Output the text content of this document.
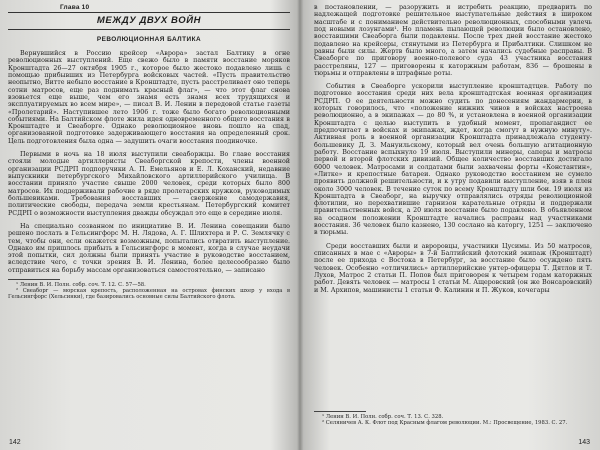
Глава 10
МЕЖДУ ДВУХ ВОЙН
РЕВОЛЮЦИОННАЯ БАЛТИКА

Вернувшийся в Россию крейсер «Аврора» застал Балтику в огне революционных выступлений. Еще свежо было в памяти восстание моряков Кронштадта 26—27 октября 1905 г., которое было жестоко подавлено лишь с помощью прибывших из Петербурга войсковых частей. «Пусть правительство неопытно, Витте небыло восстание в Кронштадте, пусть расстреливает оно теперь сотни матросов, еще раз поднимать красный флаг», — что этот флаг снова взовьется еще выше, чем его знамя есть знамя всех трудящихся и эксплуатируемых во всем мире», — писал В. И. Ленин в передовой статье газеты «Пролетарий». Наступившее лето 1906 г. тоже было богато революционными событиями. На Балтийском флоте жила идея одновременного общего восстания в Кронштадте и Свеаборге. Однако революционное вновь пошло на спад, организованной подготовке задерживающего восстания на определенный срок. Цель подготовления была одна — задушить очаги восстания поодиночке.

Первыми в ночь на 18 июля выступили свеаборжцы. Во главе восстания стояли молодые артиллеристы Свеаборгской крепости, члены военной организации РСДРП подпоручики А. П. Емельянов и Е. Л. Коханский, недавние выпускники петербургского Михайловского артиллерийского училища. В восстании приняло участие свыше 2000 человек, среди которых было 800 матросов. Их поддерживали рабочие в ряде пролетарских кружков, руководимых большевиками. Требования восставших — свержение самодержавия, политические свободы, передача земли крестьянам. Петербургский комитет РСДРП о возможности выступления дважды обсуждал это еще в середине июля.

На специально созванном по инициативе В. И. Ленина совещании было решено послать в Гельсингфорс М. Н. Лядова, А. Г. Шлихтера и Р. С. Землячку с тем, чтобы они, если окажется возможным, попытались отвратить выступление. Однако им пришлось прибыть в Гельсингфорс в момент, когда в случае неудачи этой попытки, сил должны были принять участие в руководстве восстанием, вследствие чего, с точки зрения В. И. Ленина, более целесообразно было отправиться на борьбу массам организоваться самостоятельно, — записано

¹ Ленин В. И. Полн. собр. соч. Т. 12. С. 57—58.

² Свеаборг — морская крепость, расположенная на островах финских шхер у входа в Гельсингфорс (Хельсинки), где базировались основные силы Балтийского флота.

142

в постановлении, — разоружить и истребить реакцию, предварить по надлежащей подготовке решительное выступательные действия в широком масштабе и с пониманием действительно революционных, способными увлечь под новыми лозунгами¹. Но пламень пылающей революции было остановлено, восставшими Свеаборга были подавлены. После трех дней восстание жестоко подавлено на крейсеры, стянутыми из Петербурга и Прибалтики. Слишком не равны были силы. Жертв было много, а затем начались судебные расправы. В Свеаборге по приговору военно-полевого суда 43 участника восстания расстреляны, 127 — приговорены к каторжным работам, 836 — брошены в тюрьмы и отправлены в штрафные роты.

События в Свеаборге ускорили выступление кронштадтцев. Работу по подготовке восстания среди них вела кронштадтская военная организация РСДРП. О ее деятельности можно судить по донесениям жандармерии, в которых говорилось, что «положение нижних чинов в войсках настроена революционно, а в экипажах — до 80 %, и установлена в военной организации Кронштадта с целью выступить в удобный момент, пропагандист ее предпочитает в войсках и экипажах, ждет, когда смогут в нужную минуту». Активная роль в военной организации Кронштадта принадлежала студенту-большевику Д. З. Мануильскому, который вел очень большую агитационную работу. Восстание вспыхнуло 19 июля. Выступили минеры, саперы и матросы первой и второй флотских дивизий. Общее количество восставших достигало 6000 человек. Матросами и солдатами были захвачены форты «Константин», «Литке» и крепостные батареи. Однако руководство восстанием не сумело проявить должной решительности, и к утру подавили выступление, взяв в плен около 3000 человек. В течение суток по всему Кронштадту шли бои. 19 июля из Кронштадта в Свеаборг, на выручку отправлялись отряды революционной флотилии, но перехватившие гарнизон карательные отряды и поддержали правительственных войск, а 20 июля восстание было подавлено. В объявленном на осадном положении Кронштадте начались расправы над участниками восстания. 36 человек было казнено, 130 сослано на каторгу, 1251 — заключено в тюрьмы.

Среди восставших были и авроровцы, участники Цусимы. Из 50 матросов, списанных в мае с «Авроры» в 7-й Балтийский флотский экипаж (Кронштадт) после ее прихода с Востока в Петербург, за восстание было осуждено пять человек. Особенно «отличились» артиллерийские унтер-офицеры Т. Дятлов и Т. Лухов, Матрос 2 статьи П. Попов был приговорен к четырем годам каторжных работ. Девять человек — матросы 1 статьи М. Ащеровский (он же Вонсаровский) и М. Архипов, машинисты 1 статьи Ф. Калинин и П. Жуков, кочегары

¹ Ленин В. И. Полн. собр. соч. Т. 13. С. 328.

² Селяничев А. К. Флот под Красным флагом революции. М.: Просвещение, 1983. С. 27.

143
